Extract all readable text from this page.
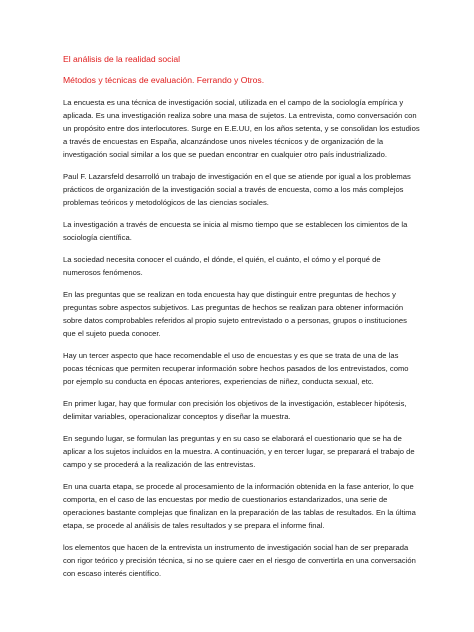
El análisis de la realidad social

Métodos y técnicas de evaluación. Ferrando y Otros.

La encuesta es una técnica de investigación social, utilizada en el campo de la sociología empírica y aplicada. Es una investigación realiza sobre una masa de sujetos. La entrevista, como conversación con un propósito entre dos interlocutores. Surge en E.E.UU, en los años setenta, y se consolidan los estudios a través de encuestas en España, alcanzándose unos niveles técnicos y de organización de la investigación social similar a los que se puedan encontrar en cualquier otro país industrializado.

Paul F. Lazarsfeld desarrolló un trabajo de investigación en el que se atiende por igual a los problemas prácticos de organización de la investigación social a través de encuesta, como a los más complejos problemas teóricos y metodológicos de las ciencias sociales.

La investigación a través de encuesta se inicia al mismo tiempo que se establecen los cimientos de la sociología científica.

La sociedad necesita conocer el cuándo, el dónde, el quién, el cuánto, el cómo y el porqué de numerosos fenómenos.

En las preguntas que se realizan en toda encuesta hay que distinguir entre preguntas de hechos y preguntas sobre aspectos subjetivos. Las preguntas de hechos se realizan para obtener información sobre datos comprobables referidos al propio sujeto entrevistado o a personas, grupos o instituciones que el sujeto pueda conocer.

Hay un tercer aspecto que hace recomendable el uso de encuestas y es que se trata de una de las pocas técnicas que permiten recuperar información sobre hechos pasados de los entrevistados, como por ejemplo su conducta en épocas anteriores, experiencias de niñez, conducta sexual, etc.

En primer lugar, hay que formular con precisión los objetivos de la investigación, establecer hipótesis, delimitar variables, operacionalizar conceptos y diseñar la muestra.

En segundo lugar, se formulan las preguntas y en su caso se elaborará el cuestionario que se ha de aplicar a los sujetos incluidos en la muestra. A continuación, y en tercer lugar, se preparará el trabajo de campo y se procederá a la realización de las entrevistas.

En una cuarta etapa, se procede al procesamiento de la información obtenida en la fase anterior, lo que comporta, en el caso de las encuestas por medio de cuestionarios estandarizados, una serie de operaciones bastante complejas que finalizan en la preparación de las tablas de resultados. En la última etapa, se procede al análisis de tales resultados y se prepara el informe final.

los elementos que hacen de la entrevista un instrumento de investigación social han de ser preparada con rigor teórico y precisión técnica, si no se quiere caer en el riesgo de convertirla en una conversación con escaso interés científico.
